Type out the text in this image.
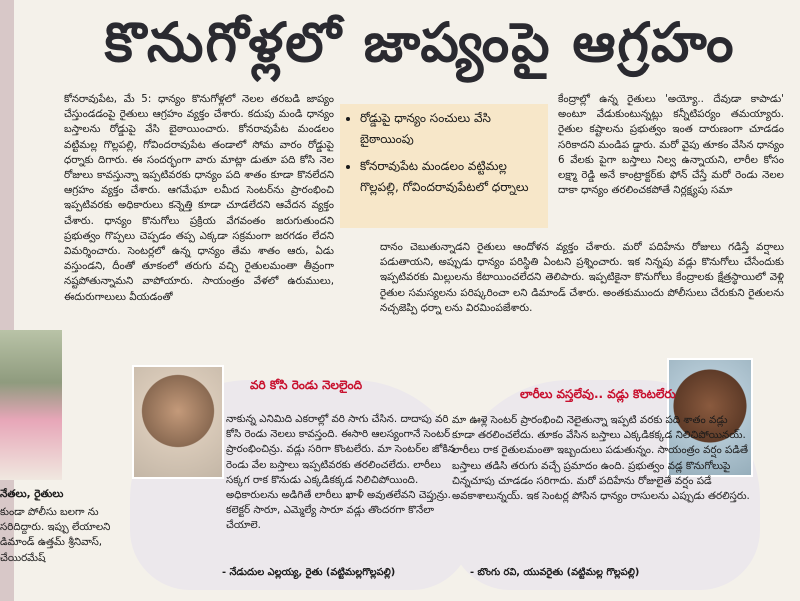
కొనుగోళ్లలో జాప్యంపై ఆగ్రహం

కోనరావుపేట, మే 5: ధాన్యం కొనుగోళ్లలో నెలల తరబడి జాప్యం చేస్తుండడంపై రైతులు ఆగ్రహం వ్యక్తం చేశారు. కదుపు మండి ధాన్యం బస్తాలను రోడ్డుపై వేసి బైఠాయించారు. కోనరావుపేట మండలం వట్టిమల్ల గొల్లపల్లి, గోవిందరావుపేట తండాలో సోమ వారం రోడ్డుపై ధర్నాకు దిగారు. ఈ సందర్భంగా వారు మాట్లా డుతూ పది కోసి నెల రోజులు కావస్తున్నా ఇప్పటివరకు ధాన్యం పది శాతం కూడా కొనలేదని ఆగ్రహం వ్యక్తం చేశారు. ఆగమేఘా లమీద సెంటర్‌ను ప్రారంభించి ఇప్పటివరకు అధికారులు కన్నెత్తి కూడా చూడలేదని ఆవేదన వ్యక్తం చేశారు. ధాన్యం కొనుగోలు ప్రక్రియ వేగవంతం జరుగుతుందని ప్రభుత్వం గొప్పలు చెప్పడం తప్ప ఎక్కడా సక్రమంగా జరగడం లేదని విమర్శించారు. సెంటర్లలో ఉన్న ధాన్యం తేమ శాతం ఆరు, ఏడు వస్తుండని, దీంతో తూకంలో తరుగు వచ్చి రైతులమంతా తీవ్రంగా నష్టపోతున్నామని వాపోయారు. సాయంత్రం వేళలో ఉరుములు, ఈదురుగాలులు వీయడంతో

• రోడ్డుపై ధాన్యం సంచులు వేసి బైఠాయింపు
• కోనరావుపేట మండలం వట్టిమల్ల గొల్లపల్లి, గోవిందరావుపేటలో ధర్నాలు

కేంద్రాల్లో ఉన్న రైతులు 'అయ్యో.. దేవుడా కాపాడు' అంటూ వేడుకుంటున్నట్లు కన్నీటిపర్యం తమయ్యారు. రైతుల కష్టాలను ప్రభుత్వం ఇంత దారుణంగా చూడడం సరికాదని మండిప డ్డారు. మరో వైపు తూకం వేసిన ధాన్యం 6 వేలకు పైగా బస్తాలు నిల్వ ఉన్నాయని, లారీల కోసం లక్ష్మా రెడ్డి అనే కాంట్రాక్టర్‌కు ఫోన్ చేస్తే మరో రెండు నెలల దాకా ధాన్యం తరలించకపోతే నిర్లక్ష్యపు సమా

దానం చెబుతున్నాడని రైతులు ఆందోళన వ్యక్తం చేశారు. మరో పదిహేను రోజులు గడిస్తే వర్షాలు పడుతాయని, అప్పుడు ధాన్యం పరిస్థితి ఏంటని ప్రశ్నించారు. ఇక నిన్నపు వడ్లు కొనుగోలు చేసేందుకు ఇప్పటివరకు మిల్లులను కేటాయించలేదని తెలిపారు. ఇప్పటికైనా కొనుగోలు కేంద్రాలకు క్షేత్రస్థాయిలో వెళ్లి రైతుల సమస్యలను పరిష్కరించా లని డిమాండ్ చేశారు. అంతకుముందు పోలీసులు చేరుకుని రైతులను నచ్చజెప్పి ధర్నా లను విరమింపజేశారు.

నేతలు, రైతులు
కుండా పోలీసు బలగా ను సరిదిద్దారు. ఇప్పు లేయాలని డిమాండ్ ఉత్తమ్ శ్రీనివాస్, చేయిరమేష్
వరి కోసి రెండు నెలలైంది
లారీలు వస్తలేవు.. వడ్లు కొంటలేరు
నాకున్న ఎనిమిది ఎకరాల్లో వరి సాగు చేసిన. దాదాపు వరి కోసి రెండు నెలలు కావస్తంది. ఈసారి ఆలస్యంగానే సెంటర్ ప్రారంభించిన్రు. వడ్లు సరిగా కొంటలేరు. మా సెంటర్‌ల జోకిన రెండు వేల బస్తాలు ఇప్పటివరకు తరలించలేదు. లారీలు సక్కగ రాక కొనుడు ఎక్కడికక్కడ నిలిచిపోయింది. అధికారులను అడిగితే లారీలు ఖాళీ అవుతలేవని చెప్తున్రు. కలెక్టర్ సారూ, ఎమ్మెల్యే సారూ వడ్లు తొందరగా కొనేలా చేయాలె.
మా ఊళ్లె సెంటర్ ప్రారంభించి నెలైతున్నా ఇప్పటి వరకు పది శాతం వడ్లు కూడా తరలించలేదు. తూకం వేసిన బస్తాలు ఎక్కడికక్కడ నిలిచిపోయినయ్. లారీలు రాక రైతులమంతా ఇబ్బందులు పడుతున్నం. సాయంత్రం వర్షం పడితే బస్తాలు తడిసి తరుగు వచ్చే ప్రమాదం ఉంది. ప్రభుత్వం వడ్ల కొనుగోలుపై చిన్నచూపు చూడడం సరిగాదు. మరో పదిహేను రోజులైతే వర్షం పడే అవకాశాలున్నయ్. ఇక సెంటర్ల పోసిన ధాన్యం రాసులను ఎప్పుడు తరలిస్తరు.
- నేడుదుల ఎల్లయ్య, రైతు (వట్టిమల్లగొల్లపల్లి)	- బొంగు రవి, యువరైతు (వట్టిమల్ల గొల్లపల్లి)
